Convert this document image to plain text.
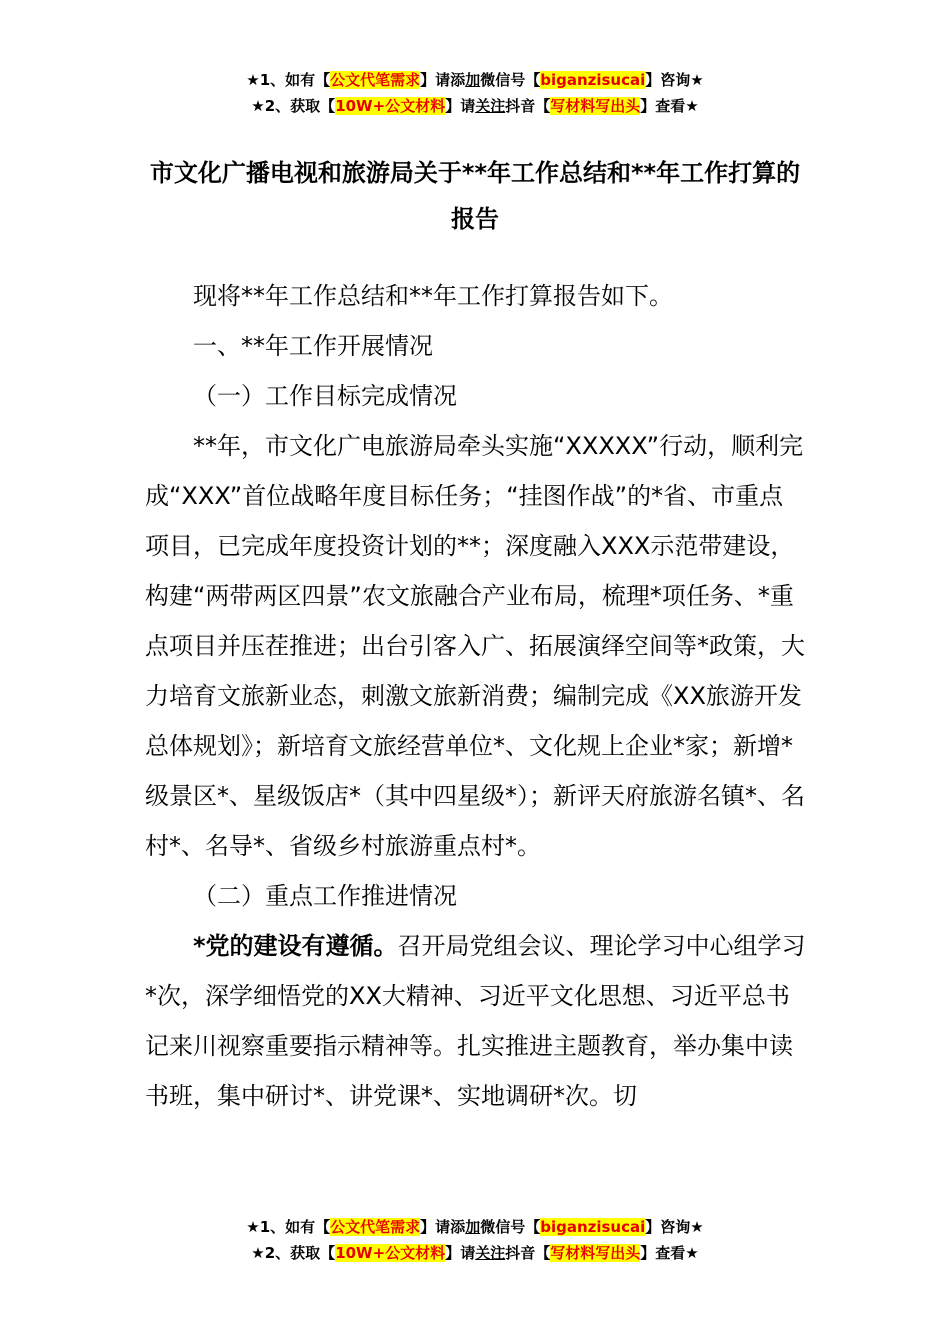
★1、如有【公文代笔需求】请添加微信号【biganzisucai】咨询★
★2、获取【10W+公文材料】请关注抖音【写材料写出头】查看★
市文化广播电视和旅游局关于**年工作总结和**年工作打算的报告

现将**年工作总结和**年工作打算报告如下。

一、**年工作开展情况

（一）工作目标完成情况

**年，市文化广电旅游局牵头实施“XXXXX”行动，顺利完成“XXX”首位战略年度目标任务；“挂图作战”的*省、市重点项目，已完成年度投资计划的**；深度融入XXX示范带建设，构建“两带两区四景”农文旅融合产业布局，梳理*项任务、*重点项目并压茬推进；出台引客入广、拓展演绎空间等*政策，大力培育文旅新业态，刺激文旅新消费；编制完成《XX旅游开发总体规划》；新培育文旅经营单位*、文化规上企业*家；新增*级景区*、星级饭店*（其中四星级*）；新评天府旅游名镇*、名村*、名导*、省级乡村旅游重点村*。

（二）重点工作推进情况

*党的建设有遵循。召开局党组会议、理论学习中心组学习*次，深学细悟党的XX大精神、习近平文化思想、习近平总书记来川视察重要指示精神等。扎实推进主题教育，举办集中读书班，集中研讨*、讲党课*、实地调研*次。切

★1、如有【公文代笔需求】请添加微信号【biganzisucai】咨询★
★2、获取【10W+公文材料】请关注抖音【写材料写出头】查看★
